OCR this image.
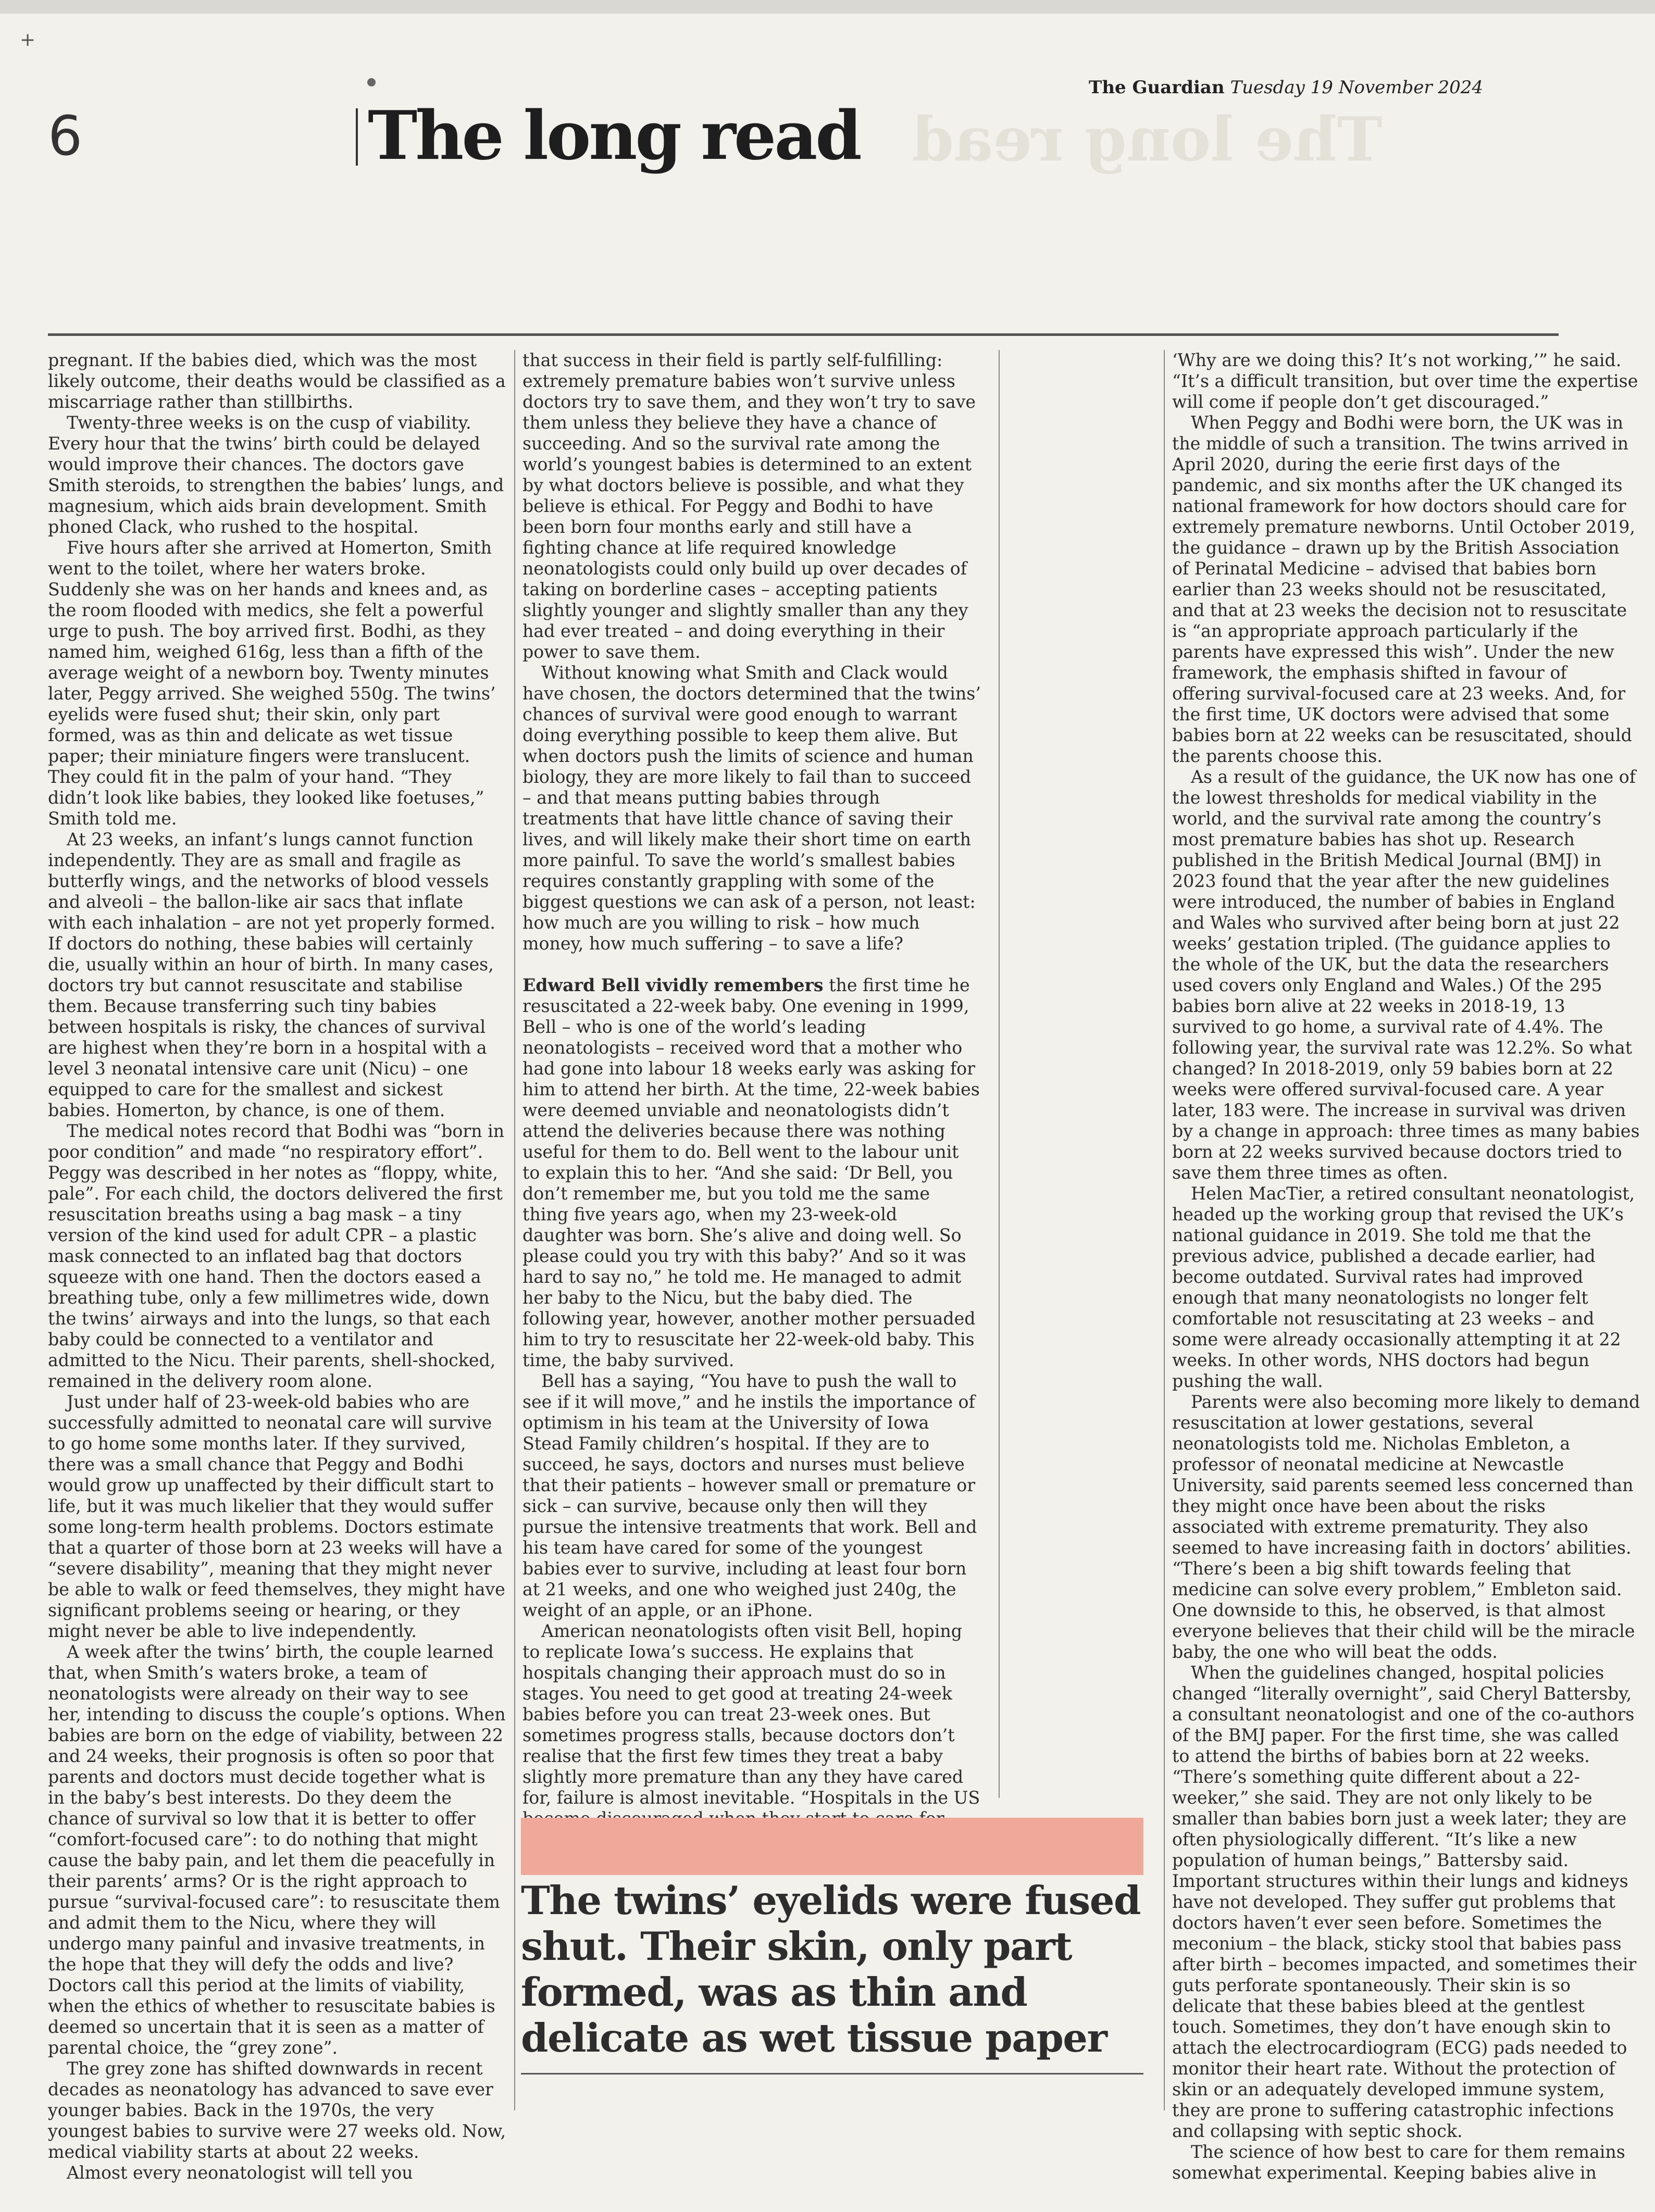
+
The Guardian Tuesday 19 November 2024
6	The long read The long read

pregnant. If the babies died, which was the most likely outcome, their deaths would be classified as a miscarriage rather than stillbirths.

Twenty-three weeks is on the cusp of viability. Every hour that the twins’ birth could be delayed would improve their chances. The doctors gave Smith steroids, to strengthen the babies’ lungs, and magnesium, which aids brain development. Smith phoned Clack, who rushed to the hospital.

Five hours after she arrived at Homerton, Smith went to the toilet, where her waters broke. Suddenly she was on her hands and knees and, as the room flooded with medics, she felt a powerful urge to push. The boy arrived first. Bodhi, as they named him, weighed 616g, less than a fifth of the average weight of a newborn boy. Twenty minutes later, Peggy arrived. She weighed 550g. The twins’ eyelids were fused shut; their skin, only part formed, was as thin and delicate as wet tissue paper; their miniature fingers were translucent. They could fit in the palm of your hand. “They didn’t look like babies, they looked like foetuses,” Smith told me.

At 23 weeks, an infant’s lungs cannot function independently. They are as small and fragile as butterfly wings, and the networks of blood vessels and alveoli – the ballon-like air sacs that inflate with each inhalation – are not yet properly formed. If doctors do nothing, these babies will certainly die, usually within an hour of birth. In many cases, doctors try but cannot resuscitate and stabilise them. Because transferring such tiny babies between hospitals is risky, the chances of survival are highest when they’re born in a hospital with a level 3 neonatal intensive care unit (Nicu) – one equipped to care for the smallest and sickest babies. Homerton, by chance, is one of them.

The medical notes record that Bodhi was “born in poor condition” and made “no respiratory effort”. Peggy was described in her notes as “floppy, white, pale”. For each child, the doctors delivered the first resuscitation breaths using a bag mask – a tiny version of the kind used for adult CPR – a plastic mask connected to an inflated bag that doctors squeeze with one hand. Then the doctors eased a breathing tube, only a few millimetres wide, down the twins’ airways and into the lungs, so that each baby could be connected to a ventilator and admitted to the Nicu. Their parents, shell-shocked, remained in the delivery room alone.

Just under half of 23-week-old babies who are successfully admitted to neonatal care will survive to go home some months later. If they survived, there was a small chance that Peggy and Bodhi would grow up unaffected by their difficult start to life, but it was much likelier that they would suffer some long-term health problems. Doctors estimate that a quarter of those born at 23 weeks will have a “severe disability”, meaning that they might never be able to walk or feed themselves, they might have significant problems seeing or hearing, or they might never be able to live independently.

A week after the twins’ birth, the couple learned that, when Smith’s waters broke, a team of neonatologists were already on their way to see her, intending to discuss the couple’s options. When babies are born on the edge of viability, between 22 and 24 weeks, their prognosis is often so poor that parents and doctors must decide together what is in the baby’s best interests. Do they deem the chance of survival so low that it is better to offer “comfort-focused care”: to do nothing that might cause the baby pain, and let them die peacefully in their parents’ arms? Or is the right approach to pursue “survival-focused care”: to resuscitate them and admit them to the Nicu, where they will undergo many painful and invasive treatments, in the hope that they will defy the odds and live? Doctors call this period at the limits of viability, when the ethics of whether to resuscitate babies is deemed so uncertain that it is seen as a matter of parental choice, the “grey zone”.

The grey zone has shifted downwards in recent decades as neonatology has advanced to save ever younger babies. Back in the 1970s, the very youngest babies to survive were 27 weeks old. Now, medical viability starts at about 22 weeks.

Almost every neonatologist will tell you

that success in their field is partly self-fulfilling: extremely premature babies won’t survive unless doctors try to save them, and they won’t try to save them unless they believe they have a chance of succeeding. And so the survival rate among the world’s youngest babies is determined to an extent by what doctors believe is possible, and what they believe is ethical. For Peggy and Bodhi to have been born four months early and still have a fighting chance at life required knowledge neonatologists could only build up over decades of taking on borderline cases – accepting patients slightly younger and slightly smaller than any they had ever treated – and doing everything in their power to save them.

Without knowing what Smith and Clack would have chosen, the doctors determined that the twins’ chances of survival were good enough to warrant doing everything possible to keep them alive. But when doctors push the limits of science and human biology, they are more likely to fail than to succeed – and that means putting babies through treatments that have little chance of saving their lives, and will likely make their short time on earth more painful. To save the world’s smallest babies requires constantly grappling with some of the biggest questions we can ask of a person, not least: how much are you willing to risk – how much money, how much suffering – to save a life?

Edward Bell vividly remembers the first time he resuscitated a 22-week baby. One evening in 1999, Bell – who is one of the world’s leading neonatologists – received word that a mother who had gone into labour 18 weeks early was asking for him to attend her birth. At the time, 22-week babies were deemed unviable and neonatologists didn’t attend the deliveries because there was nothing useful for them to do. Bell went to the labour unit to explain this to her. “And she said: ‘Dr Bell, you don’t remember me, but you told me the same thing five years ago, when my 23-week-old daughter was born. She’s alive and doing well. So please could you try with this baby?’ And so it was hard to say no,” he told me. He managed to admit her baby to the Nicu, but the baby died. The following year, however, another mother persuaded him to try to resuscitate her 22-week-old baby. This time, the baby survived.

Bell has a saying, “You have to push the wall to see if it will move,” and he instils the importance of optimism in his team at the University of Iowa Stead Family children’s hospital. If they are to succeed, he says, doctors and nurses must believe that their patients – however small or premature or sick – can survive, because only then will they pursue the intensive treatments that work. Bell and his team have cared for some of the youngest babies ever to survive, including at least four born at 21 weeks, and one who weighed just 240g, the weight of an apple, or an iPhone.

American neonatologists often visit Bell, hoping to replicate Iowa’s success. He explains that hospitals changing their approach must do so in stages. You need to get good at treating 24-week babies before you can treat 23-week ones. But sometimes progress stalls, because doctors don’t realise that the first few times they treat a baby slightly more premature than any they have cared for, failure is almost inevitable. “Hospitals in the US

‘Why are we doing this? It’s not working,’” he said. “It’s a difficult transition, but over time the expertise will come if people don’t get discouraged.”

When Peggy and Bodhi were born, the UK was in the middle of such a transition. The twins arrived in April 2020, during the eerie first days of the pandemic, and six months after the UK changed its national framework for how doctors should care for extremely premature newborns. Until October 2019, the guidance – drawn up by the British Association of Perinatal Medicine – advised that babies born earlier than 23 weeks should not be resuscitated, and that at 23 weeks the decision not to resuscitate is “an appropriate approach particularly if the parents have expressed this wish”. Under the new framework, the emphasis shifted in favour of offering survival-focused care at 23 weeks. And, for the first time, UK doctors were advised that some babies born at 22 weeks can be resuscitated, should the parents choose this.

As a result of the guidance, the UK now has one of the lowest thresholds for medical viability in the world, and the survival rate among the country’s most premature babies has shot up. Research published in the British Medical Journal (BMJ) in 2023 found that the year after the new guidelines were introduced, the number of babies in England and Wales who survived after being born at just 22 weeks’ gestation tripled. (The guidance applies to the whole of the UK, but the data the researchers used covers only England and Wales.) Of the 295 babies born alive at 22 weeks in 2018-19, 13 survived to go home, a survival rate of 4.4%. The following year, the survival rate was 12.2%. So what changed? In 2018-2019, only 59 babies born at 22 weeks were offered survival-focused care. A year later, 183 were. The increase in survival was driven by a change in approach: three times as many babies born at 22 weeks survived because doctors tried to save them three times as often.

Helen MacTier, a retired consultant neonatologist, headed up the working group that revised the UK’s national guidance in 2019. She told me that the previous advice, published a decade earlier, had become outdated. Survival rates had improved enough that many neonatologists no longer felt comfortable not resuscitating at 23 weeks – and some were already occasionally attempting it at 22 weeks. In other words, NHS doctors had begun pushing the wall.

Parents were also becoming more likely to demand resuscitation at lower gestations, several neonatologists told me. Nicholas Embleton, a professor of neonatal medicine at Newcastle University, said parents seemed less concerned than they might once have been about the risks associated with extreme prematurity. They also seemed to have increasing faith in doctors’ abilities. “There’s been a big shift towards feeling that medicine can solve every problem,” Embleton said. One downside to this, he observed, is that almost everyone believes that their child will be the miracle baby, the one who will beat the odds.

When the guidelines changed, hospital policies changed “literally overnight”, said Cheryl Battersby, a consultant neonatologist and one of the co-authors of the BMJ paper. For the first time, she was called to attend the births of babies born at 22 weeks. “There’s something quite different about a 22-weeker,” she said. They are not only likely to be smaller than babies born just a week later; they are often physiologically different. “It’s like a new population of human beings,” Battersby said. Important structures within their lungs and kidneys have not developed. They suffer gut problems that doctors haven’t ever seen before. Sometimes the meconium – the black, sticky stool that babies pass after birth – becomes impacted, and sometimes their guts perforate spontaneously. Their skin is so delicate that these babies bleed at the gentlest touch. Sometimes, they don’t have enough skin to attach the electrocardiogram (ECG) pads needed to monitor their heart rate. Without the protection of skin or an adequately developed immune system, they are prone to suffering catastrophic infections and collapsing with septic shock.

The science of how best to care for them remains somewhat experimental. Keeping babies alive in

The twins’ eyelids were fused shut. Their skin, only part formed, was as thin and delicate as wet tissue paper
